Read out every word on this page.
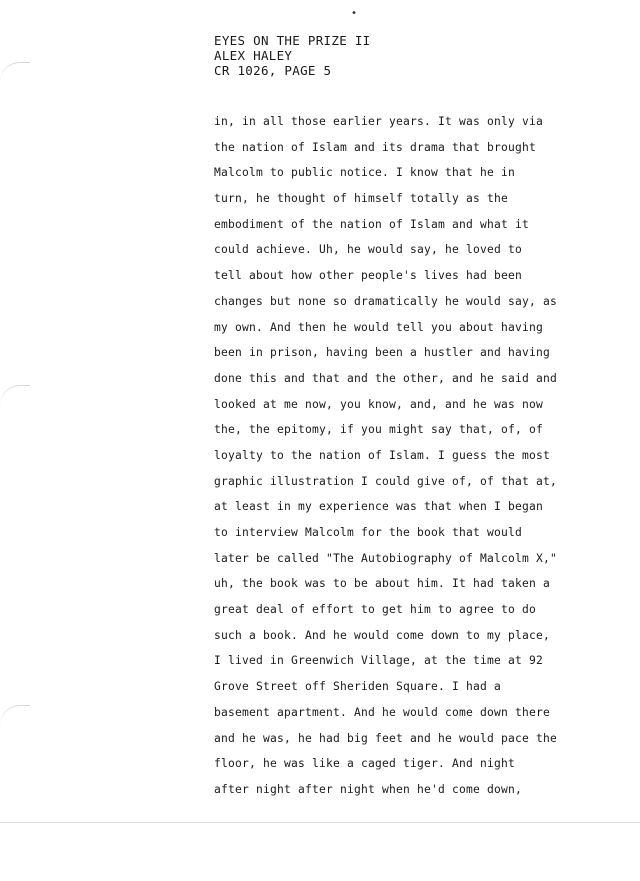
•
EYES ON THE PRIZE II
ALEX HALEY
CR 1026, PAGE 5
in, in all those earlier years. It was only via
the nation of Islam and its drama that brought
Malcolm to public notice. I know that he in
turn, he thought of himself totally as the
embodiment of the nation of Islam and what it
could achieve. Uh, he would say, he loved to
tell about how other people's lives had been
changes but none so dramatically he would say, as
my own. And then he would tell you about having
been in prison, having been a hustler and having
done this and that and the other, and he said and
looked at me now, you know, and, and he was now
the, the epitomy, if you might say that, of, of
loyalty to the nation of Islam. I guess the most
graphic illustration I could give of, of that at,
at least in my experience was that when I began
to interview Malcolm for the book that would
later be called "The Autobiography of Malcolm X,"
uh, the book was to be about him. It had taken a
great deal of effort to get him to agree to do
such a book. And he would come down to my place,
I lived in Greenwich Village, at the time at 92
Grove Street off Sheriden Square. I had a
basement apartment. And he would come down there
and he was, he had big feet and he would pace the
floor, he was like a caged tiger. And night
after night after night when he'd come down,
